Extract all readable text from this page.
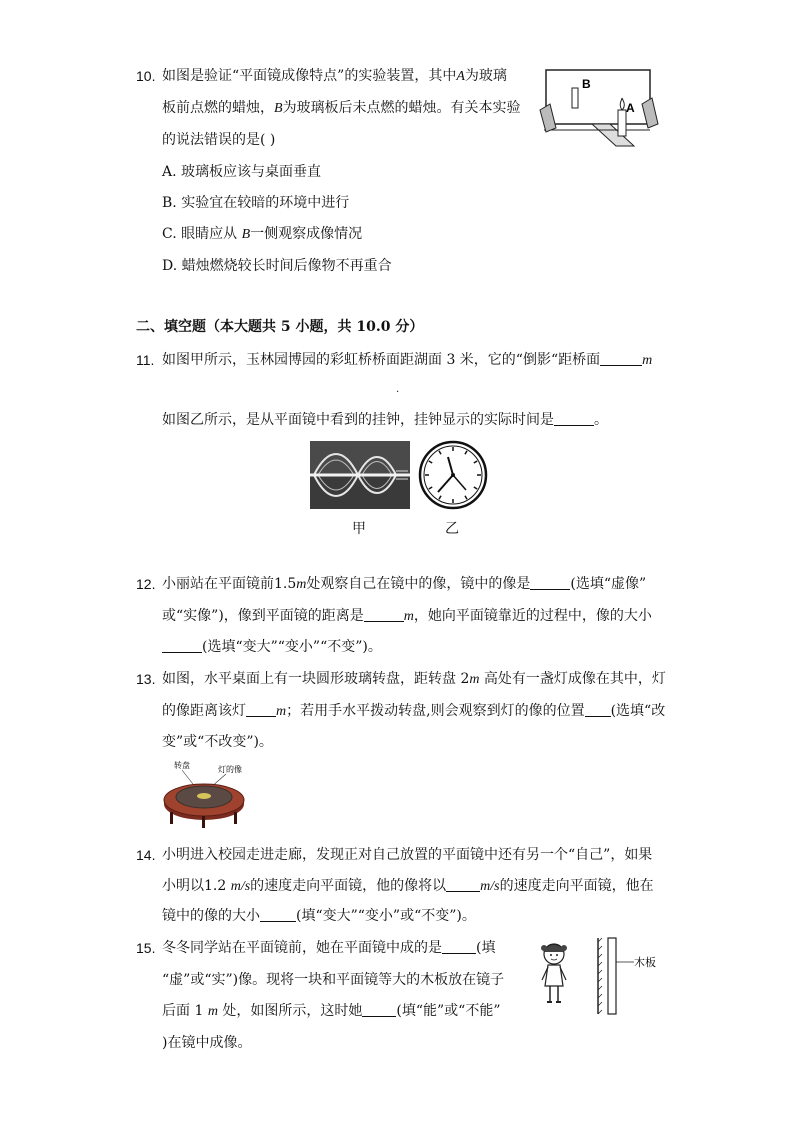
10. 如图是验证“平面镜成像特点”的实验装置，其中A为玻璃
板前点燃的蜡烛，B为玻璃板后未点燃的蜡烛。有关本实验
的说法错误的是( )
A. 玻璃板应该与桌面垂直
B. 实验宜在较暗的环境中进行
C. 眼睛应从 B一侧观察成像情况
D. 蜡烛燃烧较长时间后像物不再重合
B
A
二、填空题（本大题共 5 小题，共 10.0 分）
11. 如图甲所示，玉林园博园的彩虹桥桥面距湖面 3 米，它的“倒影“距桥面	m
.
如图乙所示，是从平面镜中看到的挂钟，挂钟显示的实际时间是	。
甲	乙
12. 小丽站在平面镜前1.5m处观察自己在镜中的像，镜中的像是	(选填“虚像”
或“实像”)，像到平面镜的距离是	m，她向平面镜靠近的过程中，像的大小
(选填“变大”“变小”“不变”)。
13. 如图，水平桌面上有一块圆形玻璃转盘，距转盘 2m 高处有一盏灯成像在其中，灯
的像距离该灯 m；若用手水平拨动转盘,则会观察到灯的像的位置 (选填“改
变”或“不改变”)。
转盘	灯的像
14. 小明进入校园走进走廊，发现正对自己放置的平面镜中还有另一个“自己”，如果
小明以1.2 m/s的速度走向平面镜，他的像将以 m/s的速度走向平面镜，他在
镜中的像的大小	(填“变大”“变小”或“不变”)。
15. 冬冬同学站在平面镜前，她在平面镜中成的是 (填
“虚”或“实”)像。现将一块和平面镜等大的木板放在镜子
后面 1 m 处，如图所示，这时她 (填“能”或“不能”
)在镜中成像。
木板
